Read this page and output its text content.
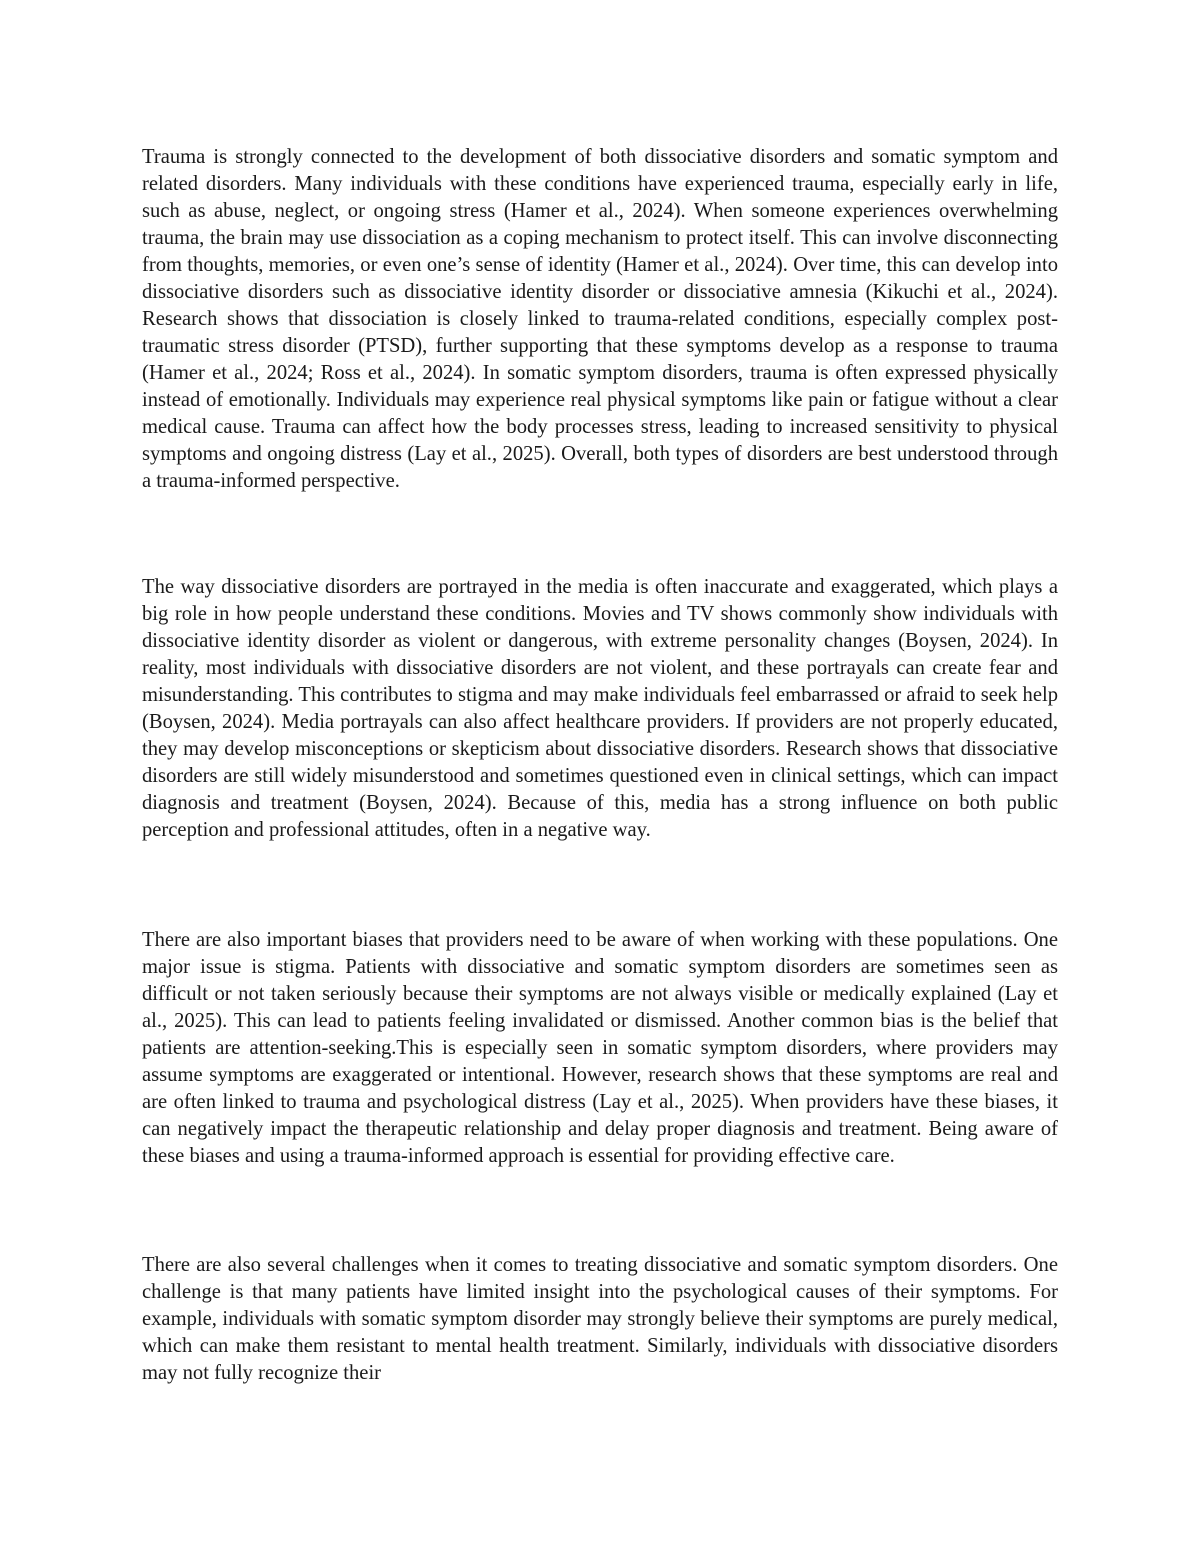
Trauma is strongly connected to the development of both dissociative disorders and somatic symptom and related disorders. Many individuals with these conditions have experienced trauma, especially early in life, such as abuse, neglect, or ongoing stress (Hamer et al., 2024). When someone experiences overwhelming trauma, the brain may use dissociation as a coping mechanism to protect itself. This can involve disconnecting from thoughts, memories, or even one’s sense of identity (Hamer et al., 2024). Over time, this can develop into dissociative disorders such as dissociative identity disorder or dissociative amnesia (Kikuchi et al., 2024). Research shows that dissociation is closely linked to trauma-related conditions, especially complex post-traumatic stress disorder (PTSD), further supporting that these symptoms develop as a response to trauma (Hamer et al., 2024; Ross et al., 2024). In somatic symptom disorders, trauma is often expressed physically instead of emotionally. Individuals may experience real physical symptoms like pain or fatigue without a clear medical cause. Trauma can affect how the body processes stress, leading to increased sensitivity to physical symptoms and ongoing distress (Lay et al., 2025). Overall, both types of disorders are best understood through a trauma-informed perspective.

The way dissociative disorders are portrayed in the media is often inaccurate and exaggerated, which plays a big role in how people understand these conditions. Movies and TV shows commonly show individuals with dissociative identity disorder as violent or dangerous, with extreme personality changes (Boysen, 2024). In reality, most individuals with dissociative disorders are not violent, and these portrayals can create fear and misunderstanding. This contributes to stigma and may make individuals feel embarrassed or afraid to seek help (Boysen, 2024). Media portrayals can also affect healthcare providers. If providers are not properly educated, they may develop misconceptions or skepticism about dissociative disorders. Research shows that dissociative disorders are still widely misunderstood and sometimes questioned even in clinical settings, which can impact diagnosis and treatment (Boysen, 2024). Because of this, media has a strong influence on both public perception and professional attitudes, often in a negative way.

There are also important biases that providers need to be aware of when working with these populations. One major issue is stigma. Patients with dissociative and somatic symptom disorders are sometimes seen as difficult or not taken seriously because their symptoms are not always visible or medically explained (Lay et al., 2025). This can lead to patients feeling invalidated or dismissed. Another common bias is the belief that patients are attention-seeking.This is especially seen in somatic symptom disorders, where providers may assume symptoms are exaggerated or intentional. However, research shows that these symptoms are real and are often linked to trauma and psychological distress (Lay et al., 2025). When providers have these biases, it can negatively impact the therapeutic relationship and delay proper diagnosis and treatment. Being aware of these biases and using a trauma-informed approach is essential for providing effective care.

There are also several challenges when it comes to treating dissociative and somatic symptom disorders. One challenge is that many patients have limited insight into the psychological causes of their symptoms. For example, individuals with somatic symptom disorder may strongly believe their symptoms are purely medical, which can make them resistant to mental health treatment. Similarly, individuals with dissociative disorders may not fully recognize their
